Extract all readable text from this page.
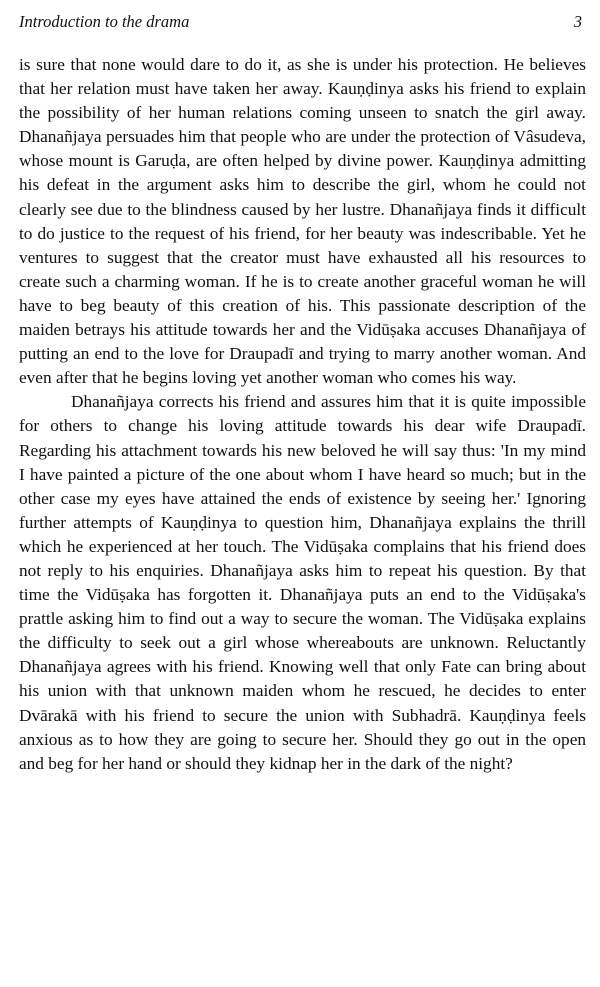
Introduction to the drama	3

is sure that none would dare to do it, as she is under his protection. He believes that her relation must have taken her away. Kauṇḍinya asks his friend to explain the possibility of her human relations coming unseen to snatch the girl away. Dhanañjaya persuades him that people who are under the protection of Vâsudeva, whose mount is Garuḍa, are often helped by divine power. Kauṇḍinya admitting his defeat in the argument asks him to describe the girl, whom he could not clearly see due to the blindness caused by her lustre. Dhanañjaya finds it difficult to do justice to the request of his friend, for her beauty was indescribable. Yet he ventures to suggest that the creator must have exhausted all his resources to create such a charming woman. If he is to create another graceful woman he will have to beg beauty of this creation of his. This passionate description of the maiden betrays his attitude towards her and the Vidūṣaka accuses Dhanañjaya of putting an end to the love for Draupadī and trying to marry another woman. And even after that he begins loving yet another woman who comes his way.

Dhanañjaya corrects his friend and assures him that it is quite impossible for others to change his loving attitude towards his dear wife Draupadī. Regarding his attachment towards his new beloved he will say thus: 'In my mind I have painted a picture of the one about whom I have heard so much; but in the other case my eyes have attained the ends of existence by seeing her.' Ignoring further attempts of Kauṇḍinya to question him, Dhanañjaya explains the thrill which he experienced at her touch. The Vidūṣaka complains that his friend does not reply to his enquiries. Dhanañjaya asks him to repeat his question. By that time the Vidūṣaka has forgotten it. Dhanañjaya puts an end to the Vidūṣaka's prattle asking him to find out a way to secure the woman. The Vidūṣaka explains the difficulty to seek out a girl whose whereabouts are unknown. Reluctantly Dhanañjaya agrees with his friend. Knowing well that only Fate can bring about his union with that unknown maiden whom he rescued, he decides to enter Dvārakā with his friend to secure the union with Subhadrā. Kauṇḍinya feels anxious as to how they are going to secure her. Should they go out in the open and beg for her hand or should they kidnap her in the dark of the night?
